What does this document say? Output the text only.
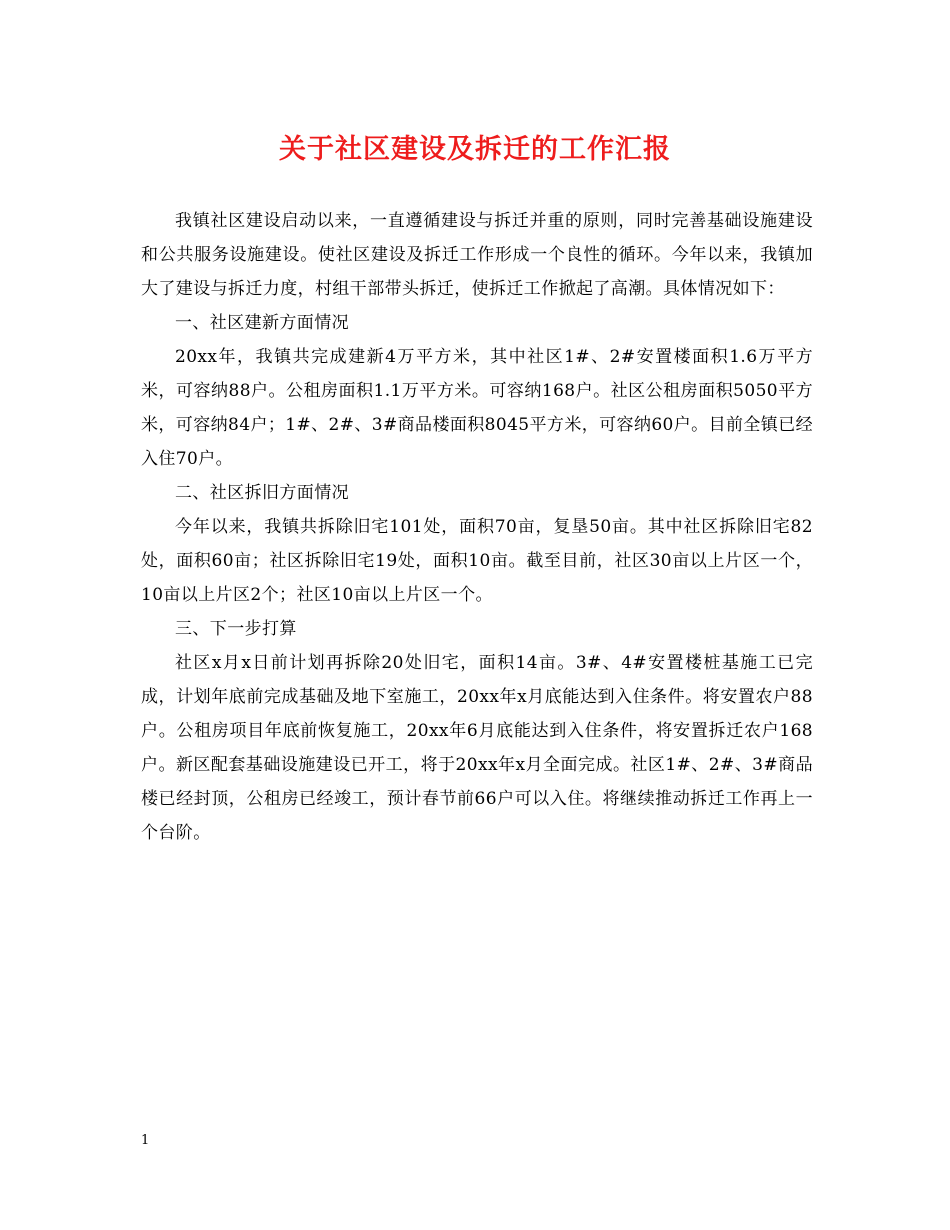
关于社区建设及拆迁的工作汇报

我镇社区建设启动以来，一直遵循建设与拆迁并重的原则，同时完善基础设施建设和公共服务设施建设。使社区建设及拆迁工作形成一个良性的循环。今年以来，我镇加大了建设与拆迁力度，村组干部带头拆迁，使拆迁工作掀起了高潮。具体情况如下：

一、社区建新方面情况

20xx年，我镇共完成建新4万平方米，其中社区1#、2#安置楼面积1.6万平方米，可容纳88户。公租房面积1.1万平方米。可容纳168户。社区公租房面积5050平方米，可容纳84户；1#、2#、3#商品楼面积8045平方米，可容纳60户。目前全镇已经入住70户。

二、社区拆旧方面情况

今年以来，我镇共拆除旧宅101处，面积70亩，复垦50亩。其中社区拆除旧宅82处，面积60亩；社区拆除旧宅19处，面积10亩。截至目前，社区30亩以上片区一个，10亩以上片区2个；社区10亩以上片区一个。

三、下一步打算

社区x月x日前计划再拆除20处旧宅，面积14亩。3#、4#安置楼桩基施工已完成，计划年底前完成基础及地下室施工，20xx年x月底能达到入住条件。将安置农户88户。公租房项目年底前恢复施工，20xx年6月底能达到入住条件，将安置拆迁农户168户。新区配套基础设施建设已开工，将于20xx年x月全面完成。社区1#、2#、3#商品楼已经封顶，公租房已经竣工，预计春节前66户可以入住。将继续推动拆迁工作再上一个台阶。

1
